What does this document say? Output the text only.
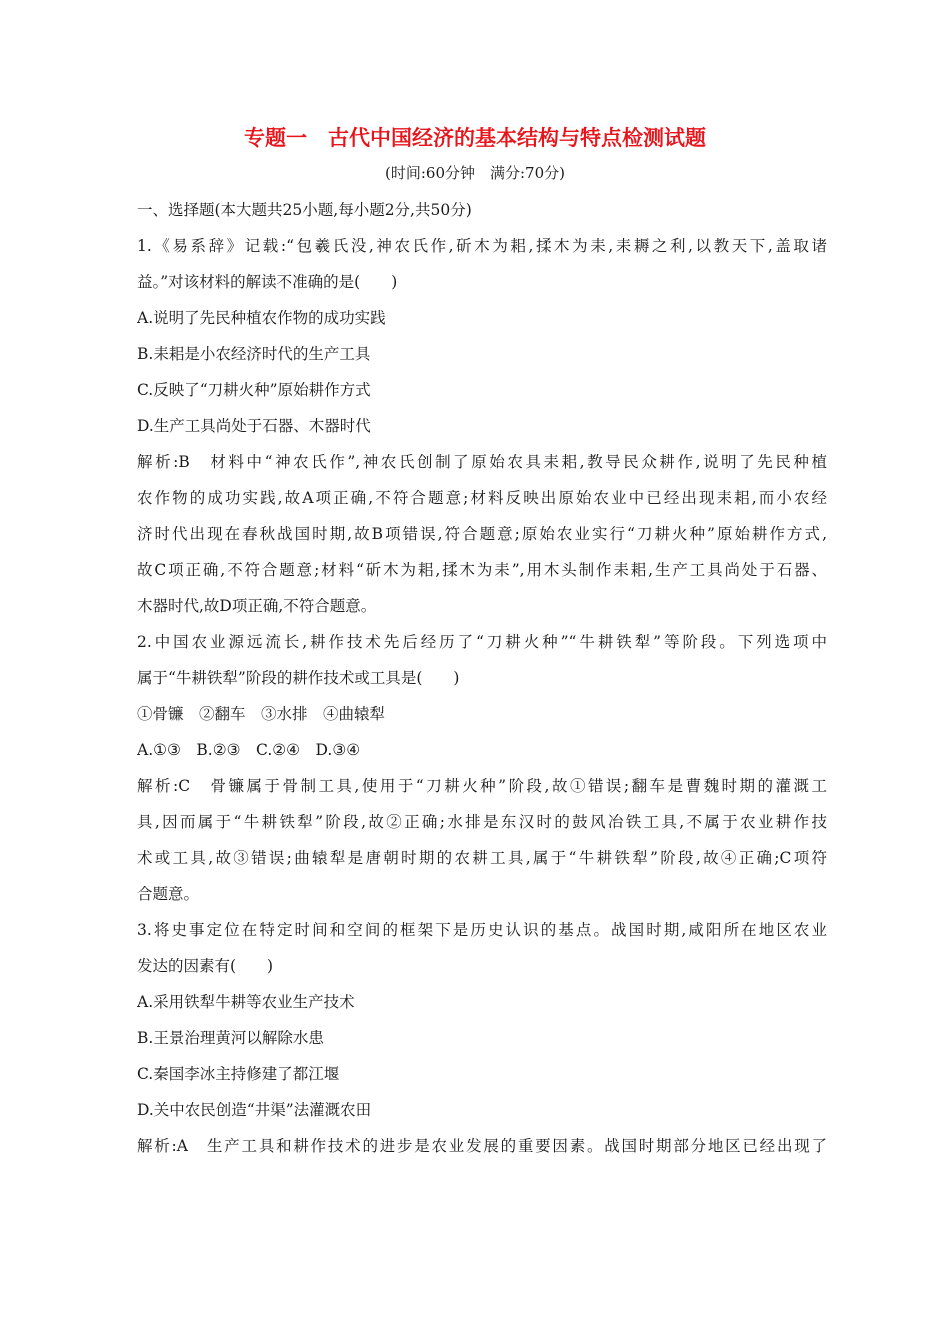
专题一　古代中国经济的基本结构与特点检测试题
(时间:60分钟　满分:70分)
一、选择题(本大题共25小题,每小题2分,共50分)
1.《易系辞》记载:“包羲氏没,神农氏作,斫木为耜,揉木为耒,耒耨之利,以教天下,盖取诸
益。”对该材料的解读不准确的是(　　)
A.说明了先民种植农作物的成功实践
B.耒耜是小农经济时代的生产工具
C.反映了“刀耕火种”原始耕作方式
D.生产工具尚处于石器、木器时代
解析:B　材料中“神农氏作”,神农氏创制了原始农具耒耜,教导民众耕作,说明了先民种植
农作物的成功实践,故A项正确,不符合题意;材料反映出原始农业中已经出现耒耜,而小农经
济时代出现在春秋战国时期,故B项错误,符合题意;原始农业实行“刀耕火种”原始耕作方式,
故C项正确,不符合题意;材料“斫木为耜,揉木为耒”,用木头制作耒耜,生产工具尚处于石器、
木器时代,故D项正确,不符合题意。
2.中国农业源远流长,耕作技术先后经历了“刀耕火种”“牛耕铁犁”等阶段。下列选项中
属于“牛耕铁犁”阶段的耕作技术或工具是(　　)
①骨镰　②翻车　③水排　④曲辕犁
A.①③　B.②③　C.②④　D.③④
解析:C　骨镰属于骨制工具,使用于“刀耕火种”阶段,故①错误;翻车是曹魏时期的灌溉工
具,因而属于“牛耕铁犁”阶段,故②正确;水排是东汉时的鼓风冶铁工具,不属于农业耕作技
术或工具,故③错误;曲辕犁是唐朝时期的农耕工具,属于“牛耕铁犁”阶段,故④正确;C项符
合题意。
3.将史事定位在特定时间和空间的框架下是历史认识的基点。战国时期,咸阳所在地区农业
发达的因素有(　　)
A.采用铁犁牛耕等农业生产技术
B.王景治理黄河以解除水患
C.秦国李冰主持修建了都江堰
D.关中农民创造“井渠”法灌溉农田
解析:A　生产工具和耕作技术的进步是农业发展的重要因素。战国时期部分地区已经出现了
